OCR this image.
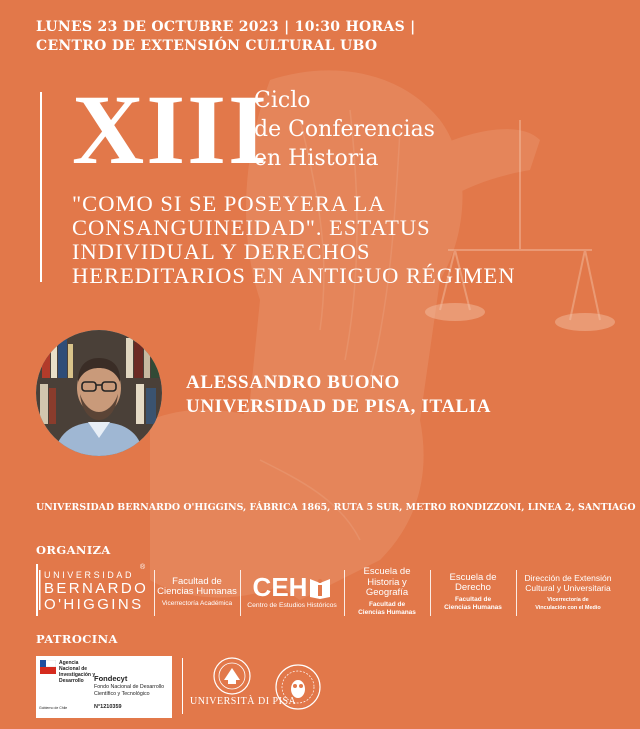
LUNES 23 DE OCTUBRE 2023 | 10:30 HORAS |
CENTRO DE EXTENSIÓN CULTURAL UBO
XIII
Ciclo
de Conferencias
en Historia
"COMO SI SE POSEYERA LA
CONSANGUINEIDAD". ESTATUS
INDIVIDUAL Y DERECHOS
HEREDITARIOS EN ANTIGUO RÉGIMEN
ALESSANDRO BUONO
UNIVERSIDAD DE PISA, ITALIA
UNIVERSIDAD BERNARDO O'HIGGINS, FÁBRICA 1865, RUTA 5 SUR, METRO RONDIZZONI, LINEA 2, SANTIAGO
ORGANIZA
UNIVERSIDAD
BERNARDO
O'HIGGINS
®
Facultad de
Ciencias Humanas
Vicerrectoría Académica
CEH
Centro de Estudios Históricos
Escuela de
Historia y Geografía
Facultad de
Ciencias Humanas
Escuela de Derecho
Facultad de
Ciencias Humanas
Dirección de Extensión
Cultural y Universitaria
Vicerrectoría de
Vinculación con el Medio
PATROCINA
Agencia Nacional de Investigación y Desarrollo	Fondecyt
Fondo Nacional de Desarrollo
Científico y Tecnológico
N°1210359
Gobierno de Chile
UNIVERSITÀ DI PISA
